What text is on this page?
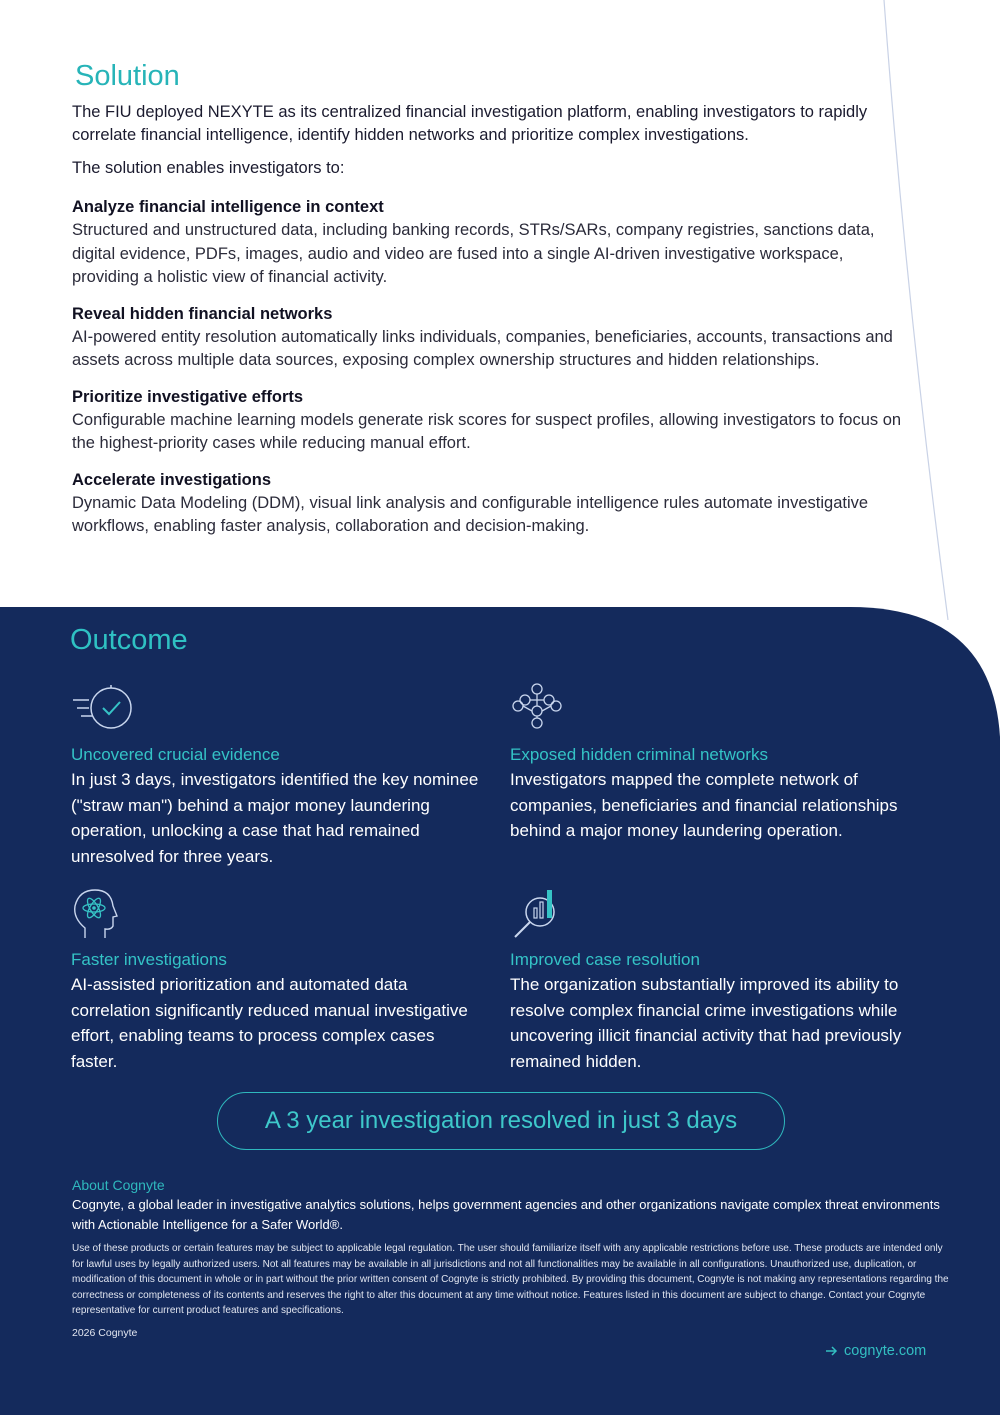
Solution

The FIU deployed NEXYTE as its centralized financial investigation platform, enabling investigators to rapidly correlate financial intelligence, identify hidden networks and prioritize complex investigations.

The solution enables investigators to:

Analyze financial intelligence in context
Structured and unstructured data, including banking records, STRs/SARs, company registries, sanctions data, digital evidence, PDFs, images, audio and video are fused into a single AI-driven investigative workspace, providing a holistic view of financial activity.
Reveal hidden financial networks
AI-powered entity resolution automatically links individuals, companies, beneficiaries, accounts, transactions and assets across multiple data sources, exposing complex ownership structures and hidden relationships.
Prioritize investigative efforts
Configurable machine learning models generate risk scores for suspect profiles, allowing investigators to focus on the highest-priority cases while reducing manual effort.
Accelerate investigations
Dynamic Data Modeling (DDM), visual link analysis and configurable intelligence rules automate investigative workflows, enabling faster analysis, collaboration and decision-making.
Outcome
Uncovered crucial evidence
In just 3 days, investigators identified the key nominee ("straw man") behind a major money laundering operation, unlocking a case that had remained unresolved for three years.
Exposed hidden criminal networks
Investigators mapped the complete network of companies, beneficiaries and financial relationships behind a major money laundering operation.
Faster investigations
AI-assisted prioritization and automated data correlation significantly reduced manual investigative effort, enabling teams to process complex cases faster.
Improved case resolution
The organization substantially improved its ability to resolve complex financial crime investigations while uncovering illicit financial activity that had previously remained hidden.
A 3 year investigation resolved in just 3 days
About Cognyte
Cognyte, a global leader in investigative analytics solutions, helps government agencies and other organizations navigate complex threat environments with Actionable Intelligence for a Safer World®.
Use of these products or certain features may be subject to applicable legal regulation. The user should familiarize itself with any applicable restrictions before use. These products are intended only for lawful uses by legally authorized users. Not all features may be available in all jurisdictions and not all functionalities may be available in all configurations. Unauthorized use, duplication, or modification of this document in whole or in part without the prior written consent of Cognyte is strictly prohibited. By providing this document, Cognyte is not making any representations regarding the correctness or completeness of its contents and reserves the right to alter this document at any time without notice. Features listed in this document are subject to change. Contact your Cognyte representative for current product features and specifications.
2026 Cognyte
cognyte.com
